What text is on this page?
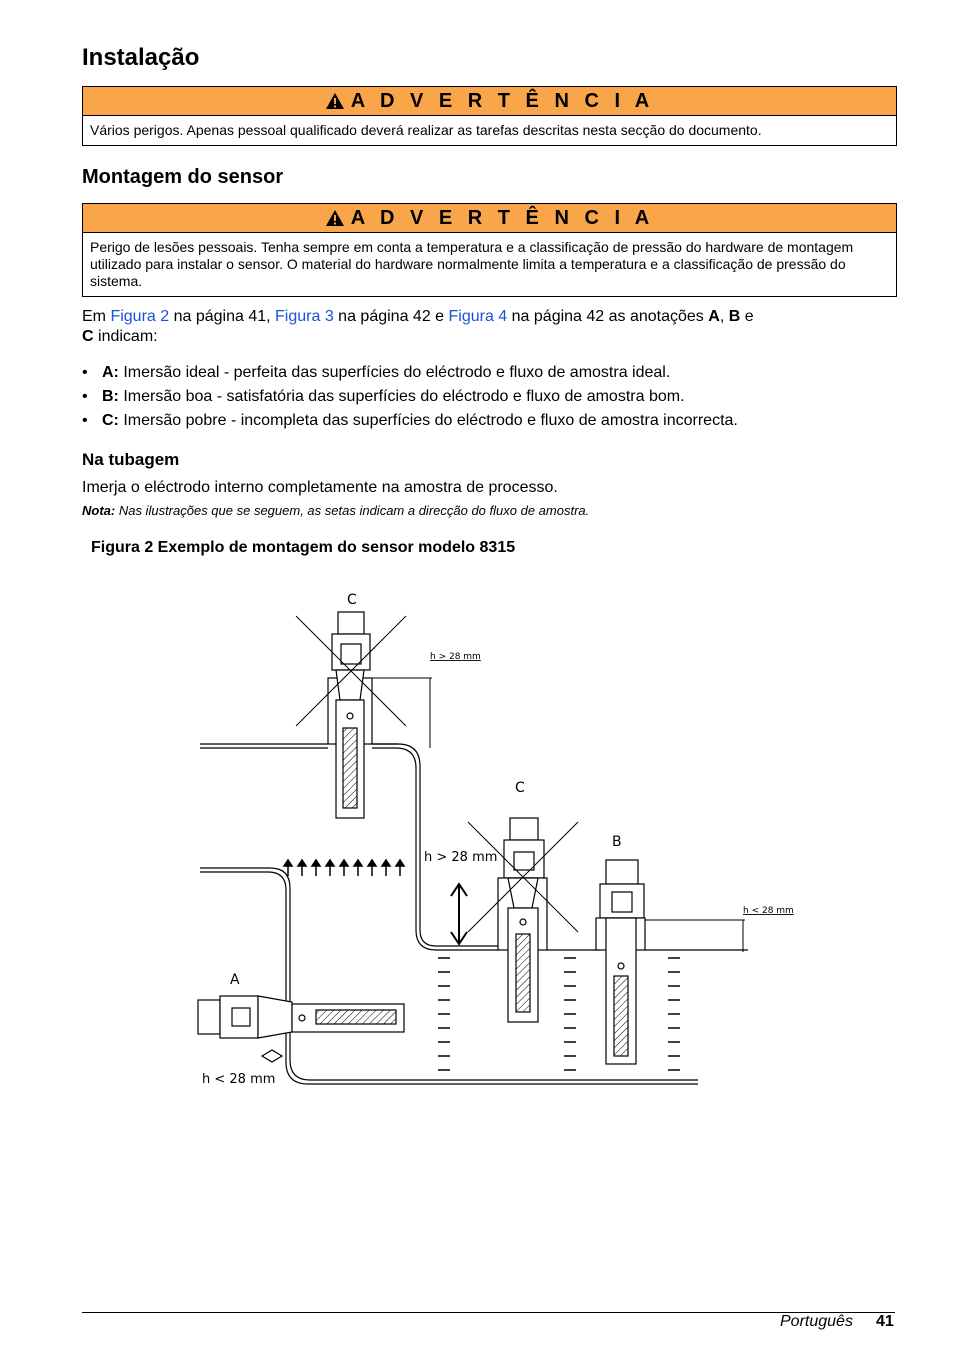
Instalação
A D V E R T Ê N C I A
Vários perigos. Apenas pessoal qualificado deverá realizar as tarefas descritas nesta secção do documento.
Montagem do sensor
A D V E R T Ê N C I A
Perigo de lesões pessoais. Tenha sempre em conta a temperatura e a classificação de pressão do hardware de montagem utilizado para instalar o sensor. O material do hardware normalmente limita a temperatura e a classificação de pressão do sistema.
Em Figura 2 na página 41, Figura 3 na página 42 e Figura 4 na página 42 as anotações A, B e
C indicam:
• A: Imersão ideal - perfeita das superfícies do eléctrodo e fluxo de amostra ideal.
• B: Imersão boa - satisfatória das superfícies do eléctrodo e fluxo de amostra bom.
• C: Imersão pobre - incompleta das superfícies do eléctrodo e fluxo de amostra incorrecta.
Na tubagem
Imerja o eléctrodo interno completamente na amostra de processo.
Nota: Nas ilustrações que se seguem, as setas indicam a direcção do fluxo de amostra.
Figura 2 Exemplo de montagem do sensor modelo 8315
C
C
B
A
h > 28 mm
h > 28 mm
h < 28 mm
h < 28 mm
Português 41
